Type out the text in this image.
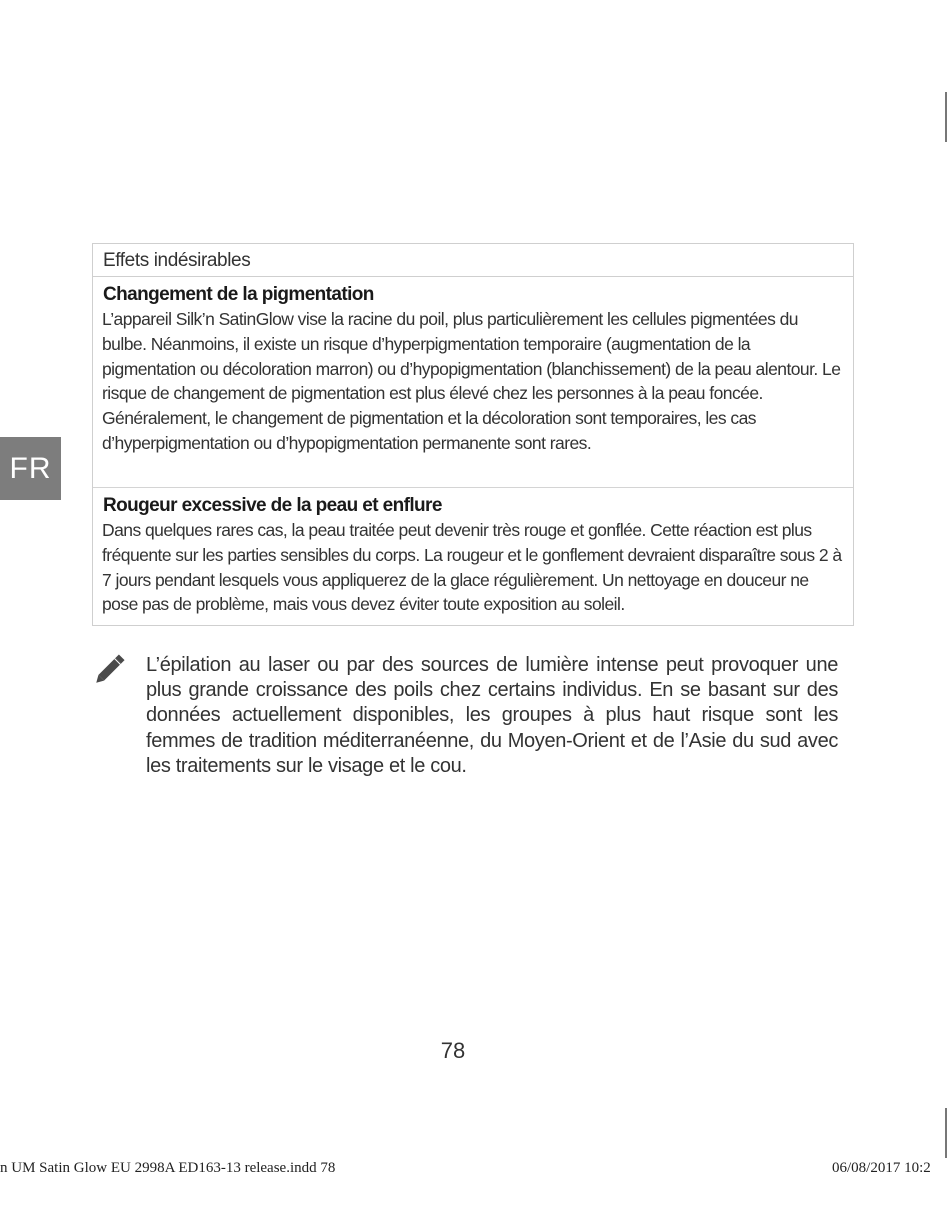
FR
Effets indésirables
Changement de la pigmentation
L’appareil Silk’n SatinGlow vise la racine du poil, plus particulièrement les cellules pigmentées du bulbe. Néanmoins, il existe un risque d’hyperpigmentation temporaire (augmentation de la pigmentation ou décoloration marron) ou d’hypopigmentation (blanchissement) de la peau alentour. Le risque de changement de pigmentation est plus élevé chez les personnes à la peau foncée. Généralement, le changement de pigmentation et la décoloration sont temporaires, les cas d’hyperpigmentation ou d’hypopigmentation permanente sont rares.
Rougeur excessive de la peau et enflure
Dans quelques rares cas, la peau traitée peut devenir très rouge et gonflée. Cette réaction est plus fréquente sur les parties sensibles du corps. La rougeur et le gonflement devraient disparaître sous 2 à 7 jours pendant lesquels vous appliquerez de la glace régulièrement. Un nettoyage en douceur ne pose pas de problème, mais vous devez éviter toute exposition au soleil.
L’épilation au laser ou par des sources de lumière intense peut provoquer une plus grande croissance des poils chez certains individus. En se basant sur des données actuellement disponibles, les groupes à plus haut risque sont les femmes de tradition méditerranéenne, du Moyen-Orient et de l’Asie du sud avec les traitements sur le visage et le cou.
78
n UM Satin Glow EU 2998A ED163-13 release.indd 78	06/08/2017 10:2
